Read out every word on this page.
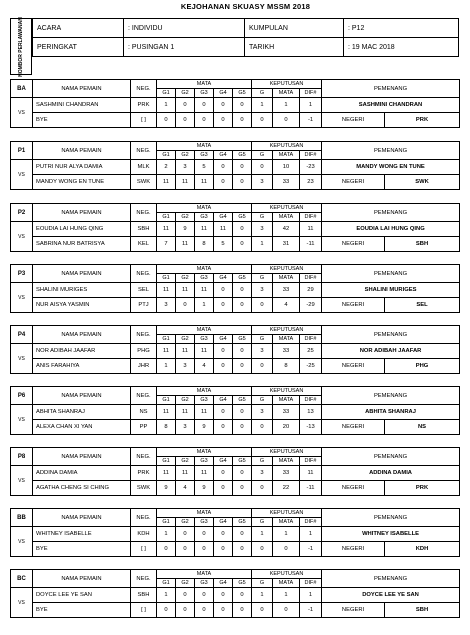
KEJOHANAN SKUASY MSSM 2018
NOMBOR PERLAWANAN ACARA	: INDIVIDU	KUMPULAN	: P12
PERINGKAT	: PUSINGAN 1	TARIKH	: 19 MAC 2018

BA	NAMA PEMAIN	NEG.	MATA					KEPUTUSAN			PEMENANG	
			G1	G2	G3	G4	G5	G	MATA	DIF#		
VS	SASHMINI CHANDRAN	PRK	1	0	0	0	0	1	1	1	SASHMINI CHANDRAN	
	BYE	[ ]	0	0	0	0	0	0	0	-1	NEGERI	PRK
P1	NAMA PEMAIN	NEG.	MATA					KEPUTUSAN			PEMENANG	
			G1	G2	G3	G4	G5	G	MATA	DIF#		
VS	PUTRI NUR ALYA DAMIA	MLK	2	3	5	0	0	0	10	-23	MANDY WONG EN TUNE	
	MANDY WONG EN TUNE	SWK	11	11	11	0	0	3	33	23	NEGERI	SWK
P2	NAMA PEMAIN	NEG.	MATA					KEPUTUSAN			PEMENANG	
			G1	G2	G3	G4	G5	G	MATA	DIF#		
VS	EOUDIA LAI HUNG QING	SBH	11	9	11	11	0	3	42	11	EOUDIA LAI HUNG QING	
	SABRINA NUR BATRISYA	KEL	7	11	8	5	0	1	31	-11	NEGERI	SBH
P3	NAMA PEMAIN	NEG.	MATA					KEPUTUSAN			PEMENANG	
			G1	G2	G3	G4	G5	G	MATA	DIF#		
VS	SHALINI MURIGES	SEL	11	11	11	0	0	3	33	29	SHALINI MURIGES	
	NUR AISYA YASMIN	PTJ	3	0	1	0	0	0	4	-29	NEGERI	SEL
P4	NAMA PEMAIN	NEG.	MATA					KEPUTUSAN			PEMENANG	
			G1	G2	G3	G4	G5	G	MATA	DIF#		
VS	NOR ADIBAH JAAFAR	PHG	11	11	11	0	0	3	33	25	NOR ADIBAH JAAFAR	
	ANIS FARAHIYA	JHR	1	3	4	0	0	0	8	-25	NEGERI	PHG
P6	NAMA PEMAIN	NEG.	MATA					KEPUTUSAN			PEMENANG	
			G1	G2	G3	G4	G5	G	MATA	DIF#		
VS	ABHITA SHANRAJ	NS	11	11	11	0	0	3	33	13	ABHITA SHANRAJ	
	ALEXA CHAN XI YAN	PP	8	3	9	0	0	0	20	-13	NEGERI	NS
P8	NAMA PEMAIN	NEG.	MATA					KEPUTUSAN			PEMENANG	
			G1	G2	G3	G4	G5	G	MATA	DIF#		
VS	ADDINA DAMIA	PRK	11	11	11	0	0	3	33	11	ADDINA DAMIA	
	AGATHA CHENG SI CHING	SWK	9	4	9	0	0	0	22	-11	NEGERI	PRK
BB	NAMA PEMAIN	NEG.	MATA					KEPUTUSAN			PEMENANG	
			G1	G2	G3	G4	G5	G	MATA	DIF#		
VS	WHITNEY ISABELLE	KDH	1	0	0	0	0	1	1	1	WHITNEY ISABELLE	
	BYE	[ ]	0	0	0	0	0	0	0	-1	NEGERI	KDH
BC	NAMA PEMAIN	NEG.	MATA					KEPUTUSAN			PEMENANG	
			G1	G2	G3	G4	G5	G	MATA	DIF#		
VS	DOYCE LEE YE SAN	SBH	1	0	0	0	0	1	1	1	DOYCE LEE YE SAN	
	BYE	[ ]	0	0	0	0	0	0	0	-1	NEGERI	SBH
